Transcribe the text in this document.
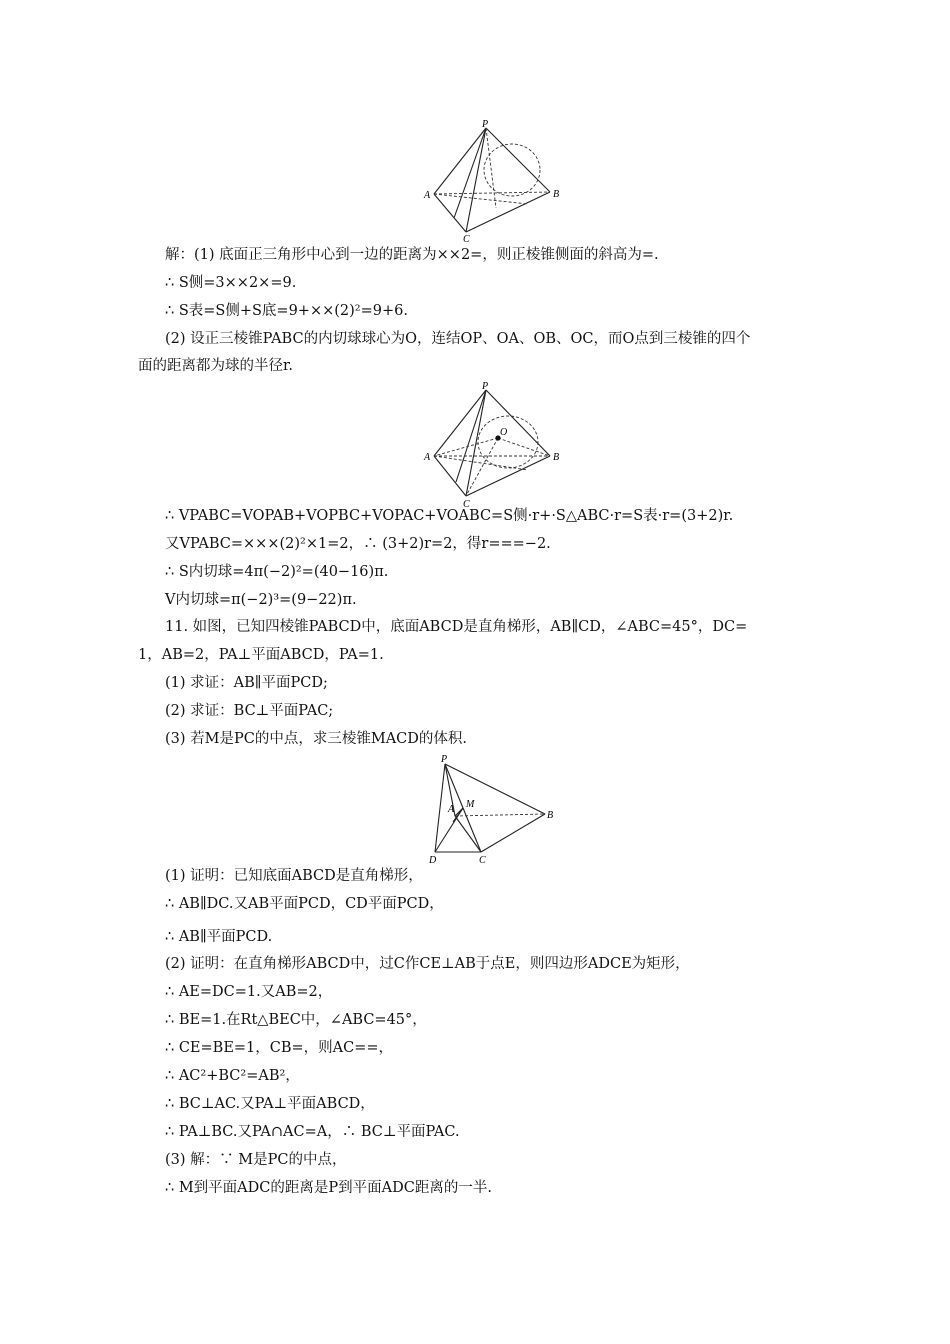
P
A	B
C
P
O
A	B
C
P
A M
B
D	C
解：(1) 底面正三角形中心到一边的距离为××2=，则正棱锥侧面的斜高为=.
∴ S侧=3××2×=9.
∴ S表=S侧+S底=9+××(2)²=9+6.
(2) 设正三棱锥PABC的内切球球心为O，连结OP、OA、OB、OC，而O点到三棱锥的四个
面的距离都为球的半径r.
∴ VPABC=VOPAB+VOPBC+VOPAC+VOABC=S侧·r+·S△ABC·r=S表·r=(3+2)r.
又VPABC=×××(2)²×1=2，∴ (3+2)r=2，得r===−2.
∴ S内切球=4π(−2)²=(40−16)π.
V内切球=π(−2)³=(9−22)π.
11. 如图，已知四棱锥PABCD中，底面ABCD是直角梯形，AB∥CD，∠ABC=45°，DC=
1，AB=2，PA⊥平面ABCD，PA=1.
(1) 求证：AB∥平面PCD;
(2) 求证：BC⊥平面PAC;
(3) 若M是PC的中点，求三棱锥MACD的体积.
(1) 证明：已知底面ABCD是直角梯形，
∴ AB∥DC.又AB平面PCD，CD平面PCD，
∴ AB∥平面PCD.
(2) 证明：在直角梯形ABCD中，过C作CE⊥AB于点E，则四边形ADCE为矩形，
∴ AE=DC=1.又AB=2，
∴ BE=1.在Rt△BEC中，∠ABC=45°，
∴ CE=BE=1，CB=，则AC==，
∴ AC²+BC²=AB²，
∴ BC⊥AC.又PA⊥平面ABCD，
∴ PA⊥BC.又PA∩AC=A，∴ BC⊥平面PAC.
(3) 解：∵ M是PC的中点，
∴ M到平面ADC的距离是P到平面ADC距离的一半.
